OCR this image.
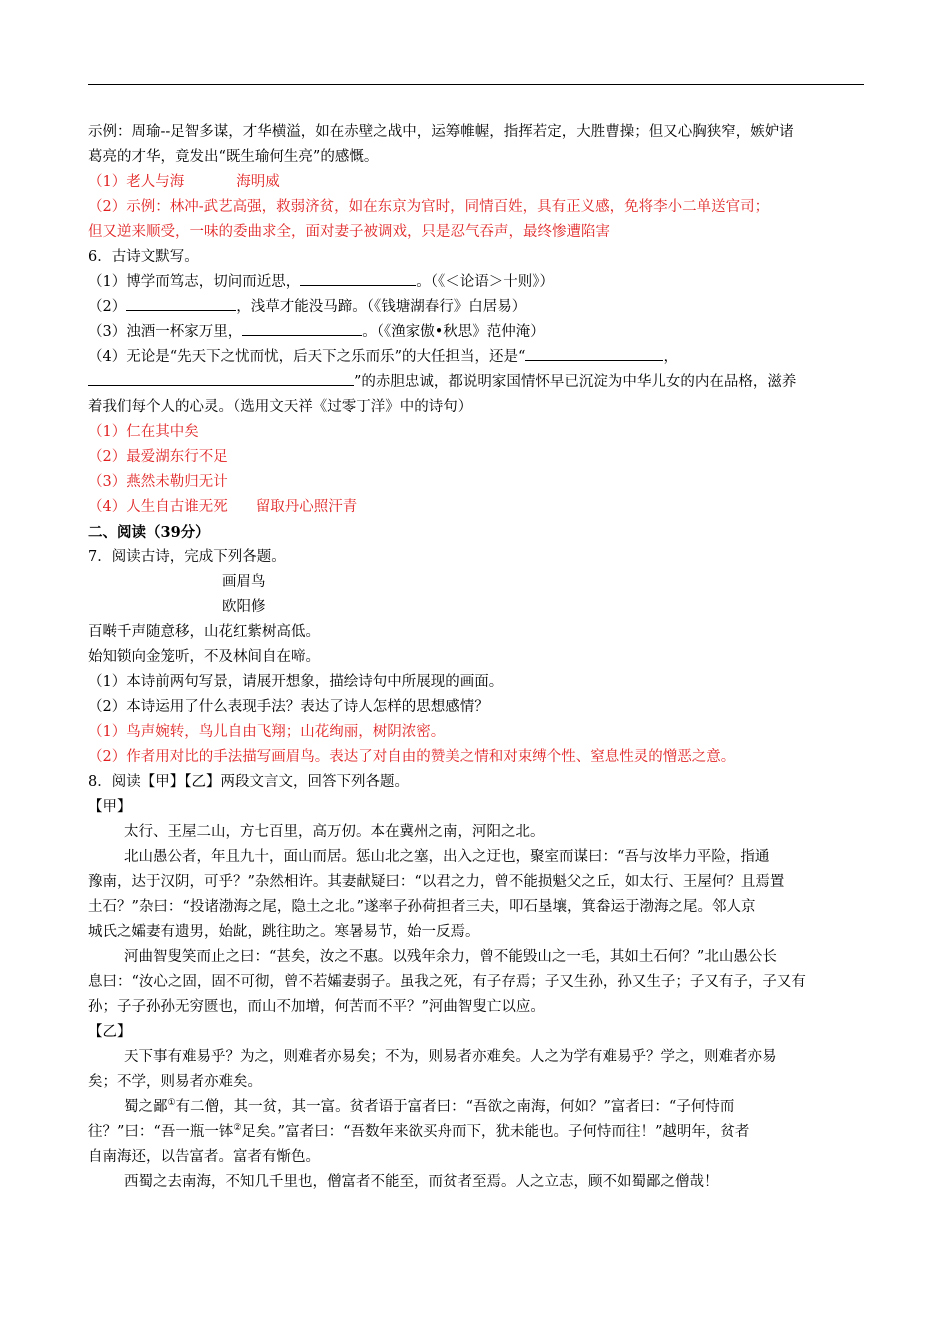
示例：周瑜--足智多谋，才华横溢，如在赤壁之战中，运筹帷幄，指挥若定，大胜曹操；但又心胸狭窄，嫉妒诸
葛亮的才华，竟发出“既生瑜何生亮”的感慨。
（1）老人与海	海明威
（2）示例：林冲-武艺高强，救弱济贫，如在东京为官时，同情百姓，具有正义感，免将李小二单送官司；
但又逆来顺受，一味的委曲求全，面对妻子被调戏，只是忍气吞声，最终惨遭陷害
6．古诗文默写。
（1）博学而笃志，切问而近思，	。（《＜论语＞十则》）
（2）	，浅草才能没马蹄。（《钱塘湖春行》白居易）
（3）浊酒一杯家万里，	。（《渔家傲•秋思》范仲淹）
（4）无论是“先天下之忧而忧，后天下之乐而乐”的大任担当，还是“	，
”的赤胆忠诚，都说明家国情怀早已沉淀为中华儿女的内在品格，滋养
着我们每个人的心灵。（选用文天祥《过零丁洋》中的诗句）
（1）仁在其中矣
（2）最爱湖东行不足
（3）燕然未勒归无计
（4）人生自古谁无死 留取丹心照汗青
二、阅读（39分）
7．阅读古诗，完成下列各题。
画眉鸟
欧阳修
百啭千声随意移，山花红紫树高低。
始知锁向金笼听，不及林间自在啼。
（1）本诗前两句写景，请展开想象，描绘诗句中所展现的画面。
（2）本诗运用了什么表现手法？表达了诗人怎样的思想感情？
（1）鸟声婉转，鸟儿自由飞翔；山花绚丽，树阴浓密。
（2）作者用对比的手法描写画眉鸟。表达了对自由的赞美之情和对束缚个性、窒息性灵的憎恶之意。
8．阅读【甲】【乙】两段文言文，回答下列各题。
【甲】
太行、王屋二山，方七百里，高万仞。本在冀州之南，河阳之北。
北山愚公者，年且九十，面山而居。惩山北之塞，出入之迂也，聚室而谋曰：“吾与汝毕力平险，指通
豫南，达于汉阴，可乎？”杂然相许。其妻献疑曰：“以君之力，曾不能损魁父之丘，如太行、王屋何？且焉置
土石？”杂曰：“投诸渤海之尾，隐土之北。”遂率子孙荷担者三夫，叩石垦壤，箕畚运于渤海之尾。邻人京
城氏之孀妻有遗男，始龀，跳往助之。寒暑易节，始一反焉。
河曲智叟笑而止之曰：“甚矣，汝之不惠。以残年余力，曾不能毁山之一毛，其如土石何？”北山愚公长
息曰：“汝心之固，固不可彻，曾不若孀妻弱子。虽我之死，有子存焉；子又生孙，孙又生子；子又有子，子又有
孙；子子孙孙无穷匮也，而山不加增，何苦而不平？”河曲智叟亡以应。
【乙】
天下事有难易乎？为之，则难者亦易矣；不为，则易者亦难矣。人之为学有难易乎？学之，则难者亦易
矣；不学，则易者亦难矣。
蜀之鄙①有二僧，其一贫，其一富。贫者语于富者曰：“吾欲之南海，何如？”富者曰：“子何恃而
往？”曰：“吾一瓶一钵②足矣。”富者曰：“吾数年来欲买舟而下，犹未能也。子何恃而往！”越明年，贫者
自南海还，以告富者。富者有惭色。
西蜀之去南海，不知几千里也，僧富者不能至，而贫者至焉。人之立志，顾不如蜀鄙之僧哉！
